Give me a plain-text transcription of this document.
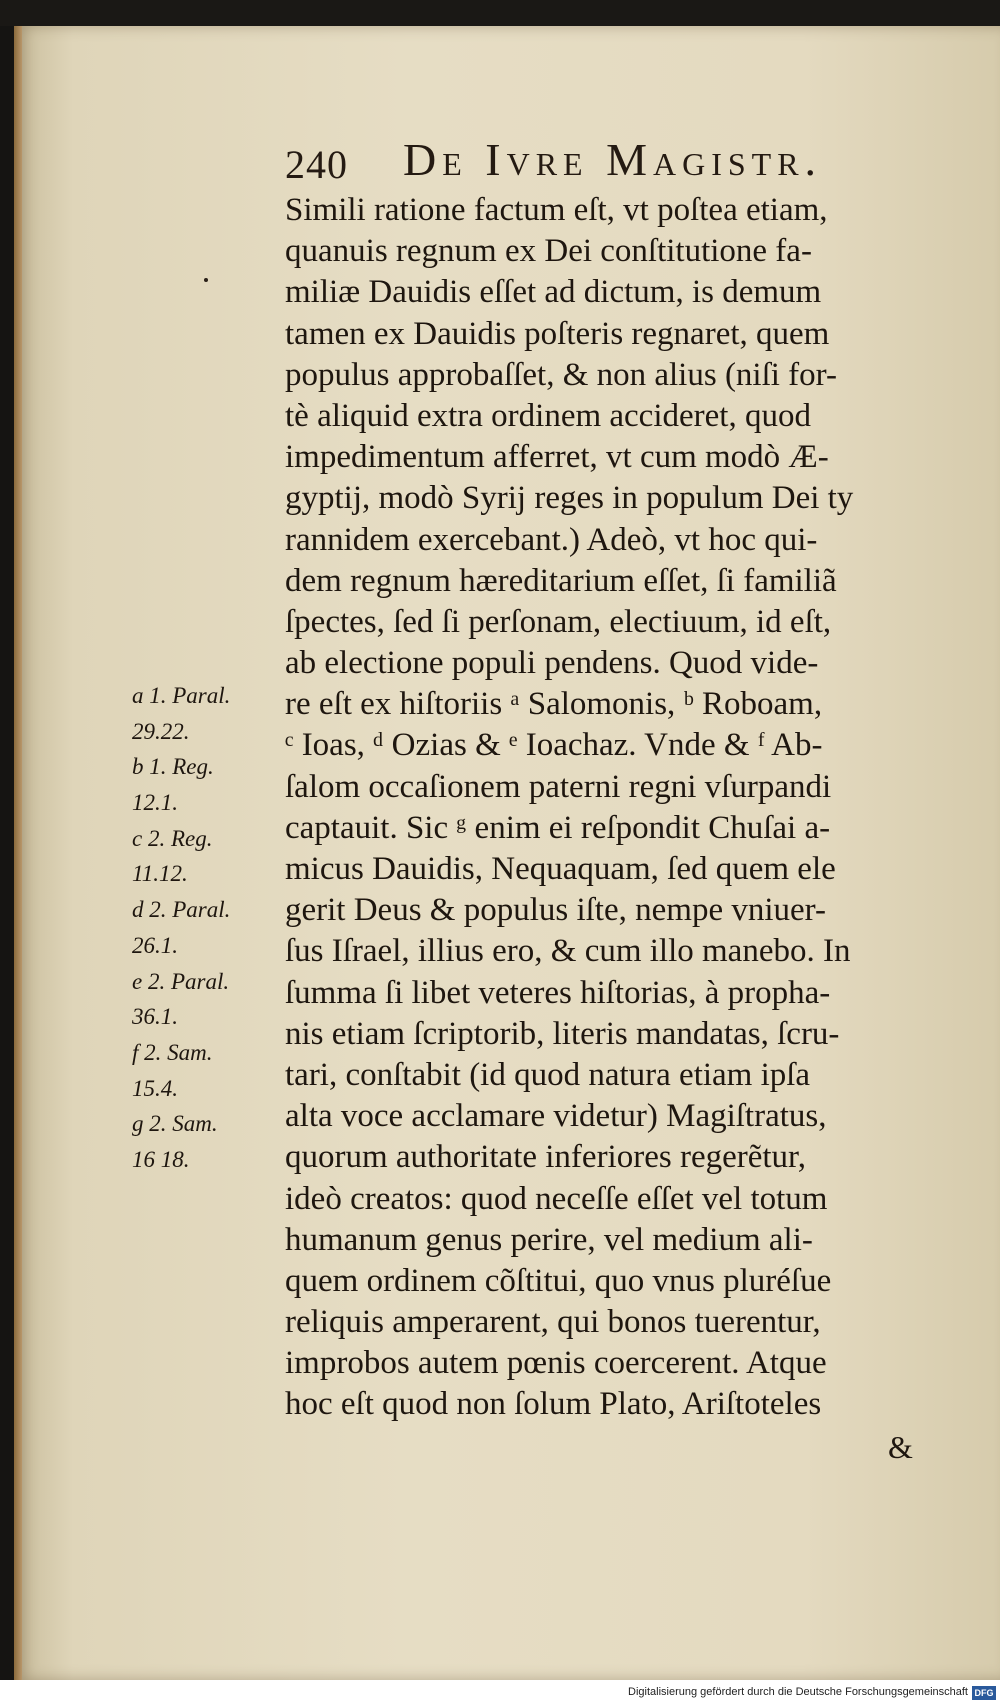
240 De Ivre Magistr.
Simili ratione factum eſt, vt poſtea etiam,
quanuis regnum ex Dei conſtitutione fa-
miliæ Dauidis eſſet ad dictum, is demum
tamen ex Dauidis poſteris regnaret, quem
populus approbaſſet, & non alius (niſi for-
tè aliquid extra ordinem accideret, quod
impedimentum afferret, vt cum modò Æ-
gyptij, modò Syrij reges in populum Dei ty
rannidem exercebant.) Adeò, vt hoc qui-
dem regnum hæreditarium eſſet, ſi familiã
ſpectes, ſed ſi perſonam, electiuum, id eſt,
ab electione populi pendens. Quod vide-
re eſt ex hiſtoriis ᵃ Salomonis, ᵇ Roboam,
ᶜ Ioas, ᵈ Ozias & ᵉ Ioachaz. Vnde & ᶠ Ab-
ſalom occaſionem paterni regni vſurpandi
captauit. Sic ᵍ enim ei reſpondit Chuſai a-
micus Dauidis, Nequaquam, ſed quem ele
gerit Deus & populus iſte, nempe vniuer-
ſus Iſrael, illius ero, & cum illo manebo. In
ſumma ſi libet veteres hiſtorias, à propha-
nis etiam ſcriptorib, literis mandatas, ſcru-
tari, conſtabit (id quod natura etiam ipſa
alta voce acclamare videtur) Magiſtratus,
quorum authoritate inferiores regerẽtur,
ideò creatos: quod neceſſe eſſet vel totum
humanum genus perire, vel medium ali-
quem ordinem cõſtitui, quo vnus pluréſue
reliquis amperarent, qui bonos tuerentur,
improbos autem pœnis coercerent. Atque
hoc eſt quod non ſolum Plato, Ariſtoteles
&
a 1. Paral.
29.22.
b 1. Reg.
12.1.
c 2. Reg.
11.12.
d 2. Paral.
26.1.
e 2. Paral.
36.1.
f 2. Sam.
15.4.
g 2. Sam.
16 18.
Digitalisierung gefördert durch die Deutsche Forschungsgemeinschaft DFG
